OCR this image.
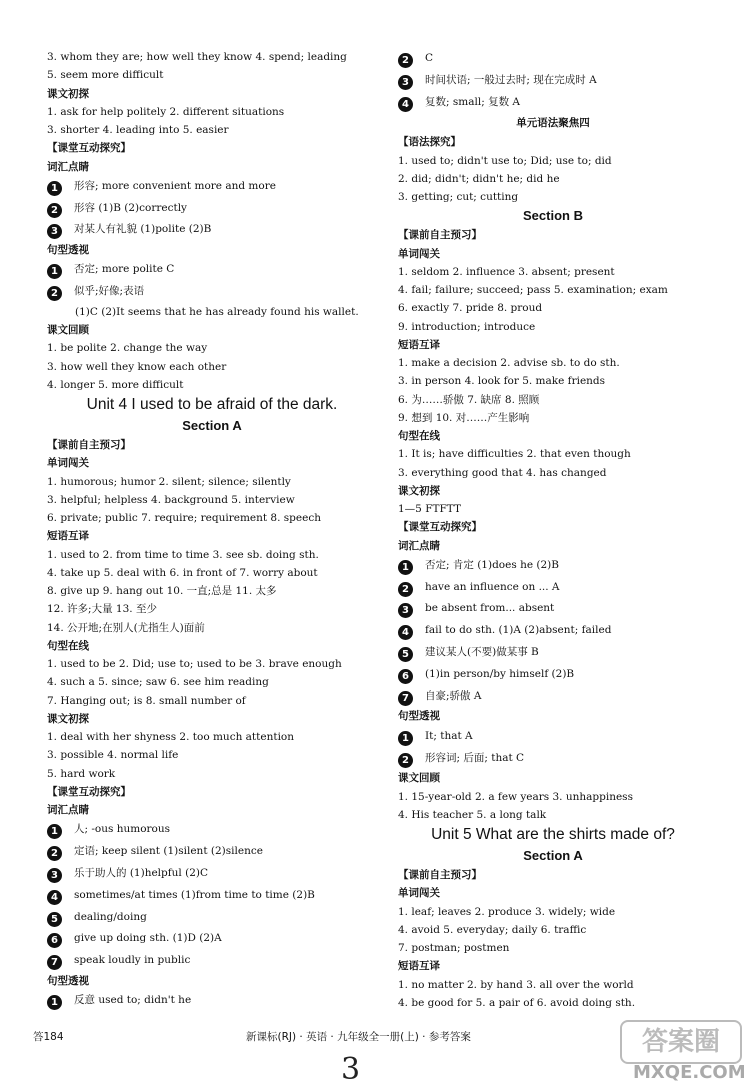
3. whom they are; how well they know 4. spend; leading
5. seem more difficult
课文初探
1. ask for help politely 2. different situations
3. shorter 4. leading into 5. easier
【课堂互动探究】
词汇点睛
1 形容; more convenient more and more
2 形容 (1)B (2)correctly
3 对某人有礼貌 (1)polite (2)B
句型透视
1 否定; more polite C
2 似乎;好像;表语
(1)C (2)It seems that he has already found his wallet.
课文回顾
1. be polite 2. change the way
3. how well they know each other
4. longer 5. more difficult
Unit 4 I used to be afraid of the dark.
Section A
【课前自主预习】
单词闯关
1. humorous; humor 2. silent; silence; silently
3. helpful; helpless 4. background 5. interview
6. private; public 7. require; requirement 8. speech
短语互译
1. used to 2. from time to time 3. see sb. doing sth.
4. take up 5. deal with 6. in front of 7. worry about
8. give up 9. hang out 10. 一直;总是 11. 太多
12. 许多;大量 13. 至少
14. 公开地;在别人(尤指生人)面前
句型在线
1. used to be 2. Did; use to; used to be 3. brave enough
4. such a 5. since; saw 6. see him reading
7. Hanging out; is 8. small number of
课文初探
1. deal with her shyness 2. too much attention
3. possible 4. normal life
5. hard work
【课堂互动探究】
词汇点睛
1 人; -ous humorous
2 定语; keep silent (1)silent (2)silence
3 乐于助人的 (1)helpful (2)C
4 sometimes/at times (1)from time to time (2)B
5 dealing/doing
6 give up doing sth. (1)D (2)A
7 speak loudly in public
句型透视
1 反意 used to; didn't he
2 C
3 时间状语; 一般过去时; 现在完成时 A
4 复数; small; 复数 A
单元语法聚焦四
【语法探究】
1. used to; didn't use to; Did; use to; did
2. did; didn't; didn't he; did he
3. getting; cut; cutting
Section B
【课前自主预习】
单词闯关
1. seldom 2. influence 3. absent; present
4. fail; failure; succeed; pass 5. examination; exam
6. exactly 7. pride 8. proud
9. introduction; introduce
短语互译
1. make a decision 2. advise sb. to do sth.
3. in person 4. look for 5. make friends
6. 为……骄傲 7. 缺席 8. 照顾
9. 想到 10. 对……产生影响
句型在线
1. It is; have difficulties 2. that even though
3. everything good that 4. has changed
课文初探
1—5 FTFTT
【课堂互动探究】
词汇点睛
1 否定; 肯定 (1)does he (2)B
2 have an influence on ... A
3 be absent from... absent
4 fail to do sth. (1)A (2)absent; failed
5 建议某人(不要)做某事 B
6 (1)in person/by himself (2)B
7 自豪;骄傲 A
句型透视
1 It; that A
2 形容词; 后面; that C
课文回顾
1. 15-year-old 2. a few years 3. unhappiness
4. His teacher 5. a long talk
Unit 5 What are the shirts made of?
Section A
【课前自主预习】
单词闯关
1. leaf; leaves 2. produce 3. widely; wide
4. avoid 5. everyday; daily 6. traffic
7. postman; postmen
短语互译
1. no matter 2. by hand 3. all over the world
4. be good for 5. a pair of 6. avoid doing sth.
答184	新课标(RJ) · 英语 · 九年级全一册(上) · 参考答案
3
答案圈
MXQE.COM
